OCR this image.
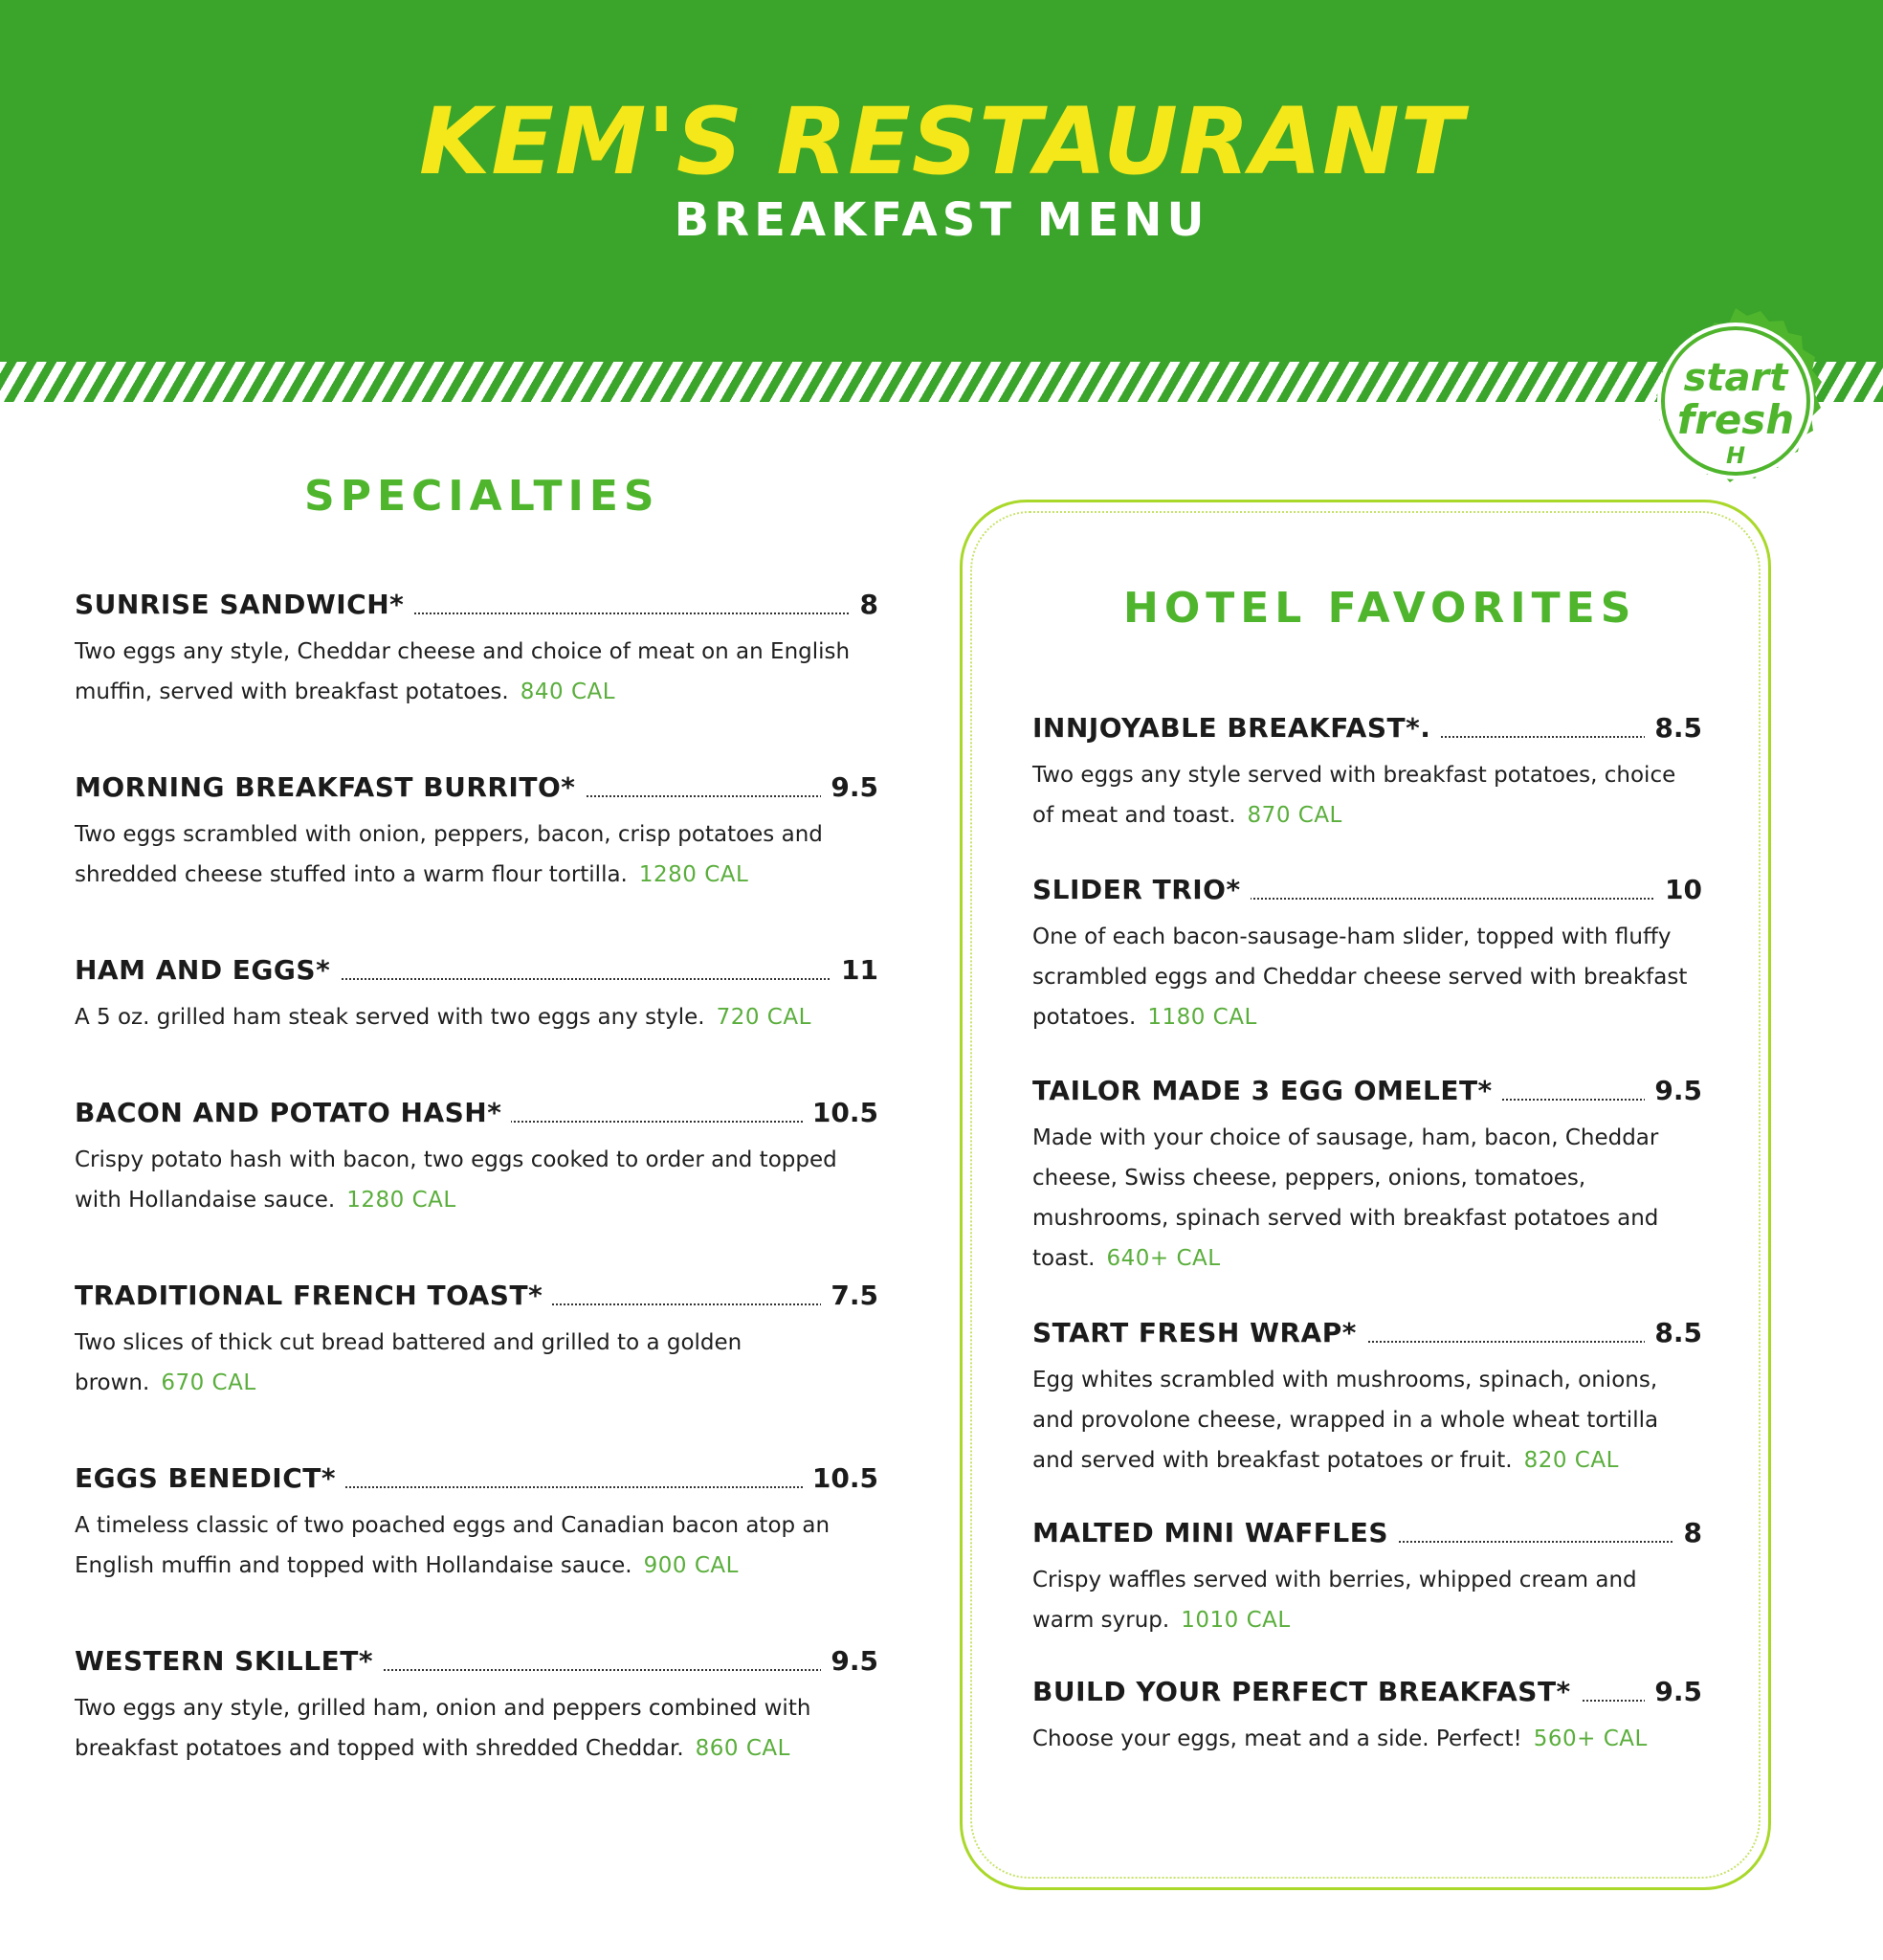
KEM'S RESTAURANT
BREAKFAST MENU
start
fresh
H
SPECIALTIES
SUNRISE SANDWICH*	8
Two eggs any style, Cheddar cheese and choice of meat on an English muffin, served with breakfast potatoes. 840 CAL
MORNING BREAKFAST BURRITO*	9.5
Two eggs scrambled with onion, peppers, bacon, crisp potatoes and shredded cheese stuffed into a warm flour tortilla. 1280 CAL
HAM AND EGGS*	11
A 5 oz. grilled ham steak served with two eggs any style. 720 CAL
BACON AND POTATO HASH*	10.5
Crispy potato hash with bacon, two eggs cooked to order and topped with Hollandaise sauce. 1280 CAL
TRADITIONAL FRENCH TOAST*	7.5
Two slices of thick cut bread battered and grilled to a golden brown. 670 CAL
EGGS BENEDICT*	10.5
A timeless classic of two poached eggs and Canadian bacon atop an English muffin and topped with Hollandaise sauce. 900 CAL
WESTERN SKILLET*	9.5
Two eggs any style, grilled ham, onion and peppers combined with breakfast potatoes and topped with shredded Cheddar. 860 CAL
HOTEL FAVORITES
INNJOYABLE BREAKFAST*.	8.5
Two eggs any style served with breakfast potatoes, choice of meat and toast. 870 CAL
SLIDER TRIO*	10
One of each bacon-sausage-ham slider, topped with fluffy scrambled eggs and Cheddar cheese served with breakfast potatoes. 1180 CAL
TAILOR MADE 3 EGG OMELET*	9.5
Made with your choice of sausage, ham, bacon, Cheddar cheese, Swiss cheese, peppers, onions, tomatoes, mushrooms, spinach served with breakfast potatoes and toast. 640+ CAL
START FRESH WRAP*	8.5
Egg whites scrambled with mushrooms, spinach, onions, and provolone cheese, wrapped in a whole wheat tortilla and served with breakfast potatoes or fruit. 820 CAL
MALTED MINI WAFFLES	8
Crispy waffles served with berries, whipped cream and warm syrup. 1010 CAL
BUILD YOUR PERFECT BREAKFAST*	9.5
Choose your eggs, meat and a side. Perfect! 560+ CAL
